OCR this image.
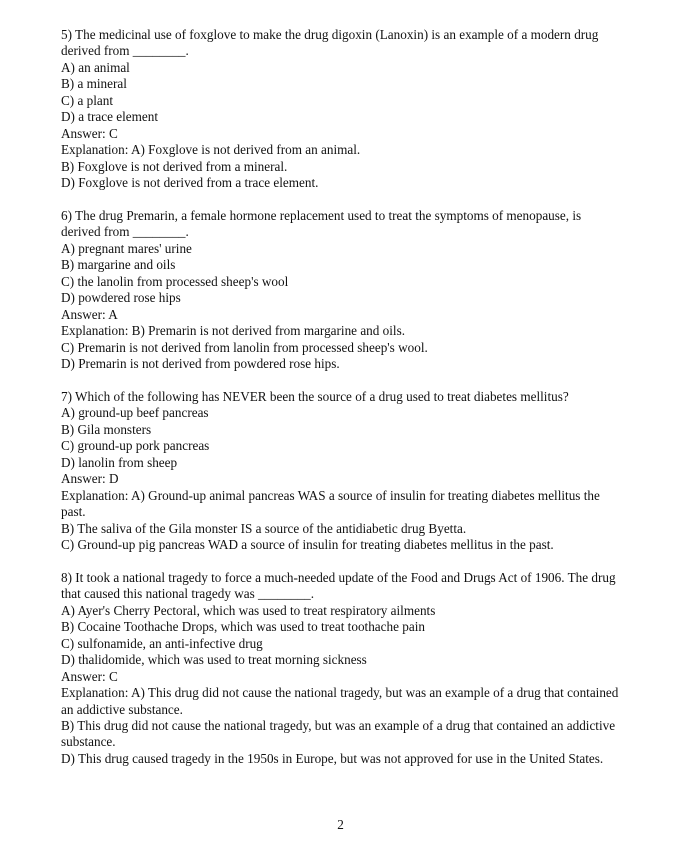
5) The medicinal use of foxglove to make the drug digoxin (Lanoxin) is an example of a modern drug derived from ________.
A) an animal
B) a mineral
C) a plant
D) a trace element
Answer: C
Explanation: A) Foxglove is not derived from an animal.
B) Foxglove is not derived from a mineral.
D) Foxglove is not derived from a trace element.
6) The drug Premarin, a female hormone replacement used to treat the symptoms of menopause, is derived from ________.
A) pregnant mares' urine
B) margarine and oils
C) the lanolin from processed sheep's wool
D) powdered rose hips
Answer: A
Explanation: B) Premarin is not derived from margarine and oils.
C) Premarin is not derived from lanolin from processed sheep's wool.
D) Premarin is not derived from powdered rose hips.
7) Which of the following has NEVER been the source of a drug used to treat diabetes mellitus?
A) ground-up beef pancreas
B) Gila monsters
C) ground-up pork pancreas
D) lanolin from sheep
Answer: D
Explanation: A) Ground-up animal pancreas WAS a source of insulin for treating diabetes mellitus the past.
B) The saliva of the Gila monster IS a source of the antidiabetic drug Byetta.
C) Ground-up pig pancreas WAD a source of insulin for treating diabetes mellitus in the past.
8) It took a national tragedy to force a much-needed update of the Food and Drugs Act of 1906. The drug that caused this national tragedy was ________.
A) Ayer's Cherry Pectoral, which was used to treat respiratory ailments
B) Cocaine Toothache Drops, which was used to treat toothache pain
C) sulfonamide, an anti-infective drug
D) thalidomide, which was used to treat morning sickness
Answer: C
Explanation: A) This drug did not cause the national tragedy, but was an example of a drug that contained an addictive substance.
B) This drug did not cause the national tragedy, but was an example of a drug that contained an addictive substance.
D) This drug caused tragedy in the 1950s in Europe, but was not approved for use in the United States.
2
